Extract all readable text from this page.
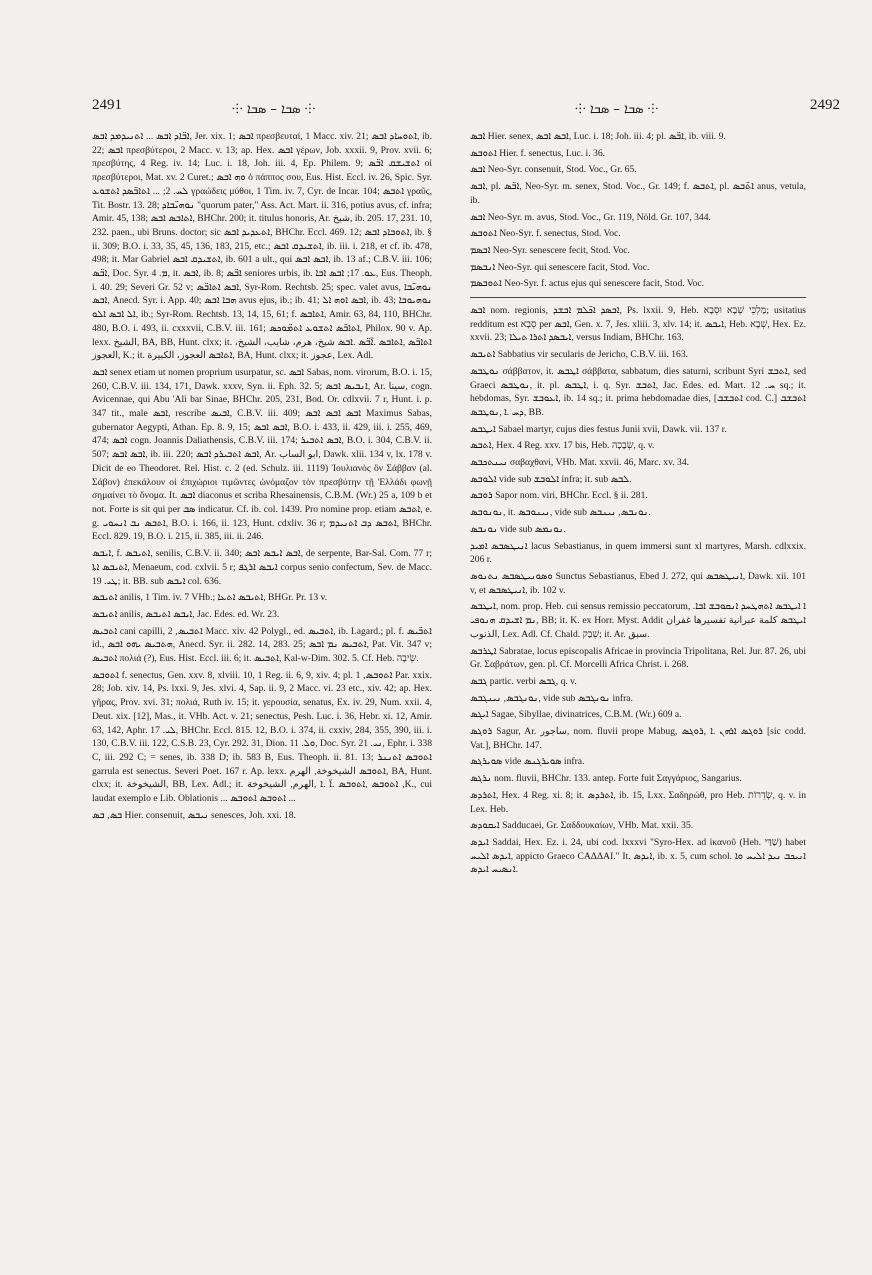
2491	⸭ ܣܒܐ – ܣܒܐ ⸭	⸭ ܣܒܐ – ܣܒܐ ⸭	2492

ܐܒ̈ܐܕ ܐܒܣ ... ܐܬܢܝܕܡܕ ܐܒܣ, Jer. xix. 1; ܐܒܣ πρεσβευταί, 1 Macc. xiv. 21; ܐܬܘܚܐܕ ܐܒܣ, ib. 22; ܐܒܣ πρεσβύτεροι, 2 Macc. v. 13; ap. Hex. ܐܒܣ γέρων, Job. xxxii. 9, Prov. xvii. 6; πρεσβύτης, 4 Reg. iv. 14; Luc. i. 18, Joh. iii. 4, Ep. Philem. 9; ܐܬܫܝܫܩ ܐܒ̈ܣ οἱ πρεσβύτεροι, Mat. xv. 2 Curet.; ܘܗ ܐܒܣ ὁ πάππος σου, Eus. Hist. Eccl. iv. 26, Spic. Syr. ܠܚ. 2; ... ܐܬܐܒ̈ܣܕ ܐܬܫܘܥ γραώδεις μύθοι, 1 Tim. iv. 7, Cyr. de Incar. 104; ܐܬܒܣ γραῦς, Tit. Bostr. 13. 28; ܢܘܗܝ̈ܒܐܕ "quorum pater," Ass. Act. Mart. ii. 316, potius avus, cf. infra; Amir. 45, 138; ܐܬܐܒܣ ܐܒܣ, BHChr. 200; it. titulus honoris, Ar. شيخ, ib. 205. 17, 231. 10, 232. paen., ubi Bruns. doctor; sic ܐܬܥܕܝܕ ܐܒܣ, BHChr. Eccl. 469. 12; ܐܬܘܒܐܕ ܐܒܣ, ib. § ii. 309; B.O. i. 33, 35, 45, 136, 183, 215, etc.; ܐܬܫܝܕܩ ܐܒܣ, ib. iii. i. 218, et cf. ib. 478, 498; it. Mar Gabriel ܐܬܫܝܕܩ ܐܒܣ, ib. 601 a ult., qui ܐܒܣ ܐܒܣ, ib. 13 af.; C.B.V. iii. 106; ܐܒ̈ܣ, Doc. Syr. ܡ. 4, it. ܐܒܣ, ib. 8; ܐܒ̈ܣ seniores urbis, ib. ܥܘ. 17; ܐܒܣ ܐܒܐ, Eus. Theoph. i. 40. 29; Severi Gr. 52 v; ܐܒܣ ܐܬܐܒ̈ܣ, Syr-Rom. Rechtsb. 25; spec. valet avus, ܢܘܗܝ̈ܒܐ ܐܒܣ, Anecd. Syr. i. App. 40; ܗܒܐ ܐܒܣ avus ejus, ib.; ib. 41; ܐܒܣ ܐܘܗ ܐܠ, ib. 43; ܢܘܗܝܘܒܐ ܐܠ ܐܒܣ ܐܠܘ, ib.; Syr-Rom. Rechtsb. 13, 14, 15, 61; f. ܐܬܐܒܣ, Amir. 63, 84, 110, BHChr. 480, B.O. i. 493, ii. cxxxvii, C.B.V. iii. 161; ܐܬܐܒ̈ܣ ܐܬܫܘܥ ܐܬܡ̈ܘܟܣ, Philox. 90 v. Ap. lexx. الشيخ, BA, BB, Hunt. clxx; it. ܐܬܐܒ̈ܣ ,ܐܬܐܒܣ .ܐ̈ܒ̈ܣ .ܐܒܣ شيخ، هرم، شايب، الشيخ، العجوز, K.; it. ܐܬܐܒܣ العجوز، الكبيرة, BA, Hunt. clxx; it. عجوز, Lex. Adl.

ܐܒܣ senex etiam ut nomen proprium usurpatur, sc. ܐܒܣ Sabas, nom. virorum, B.O. i. 15, 260, C.B.V. iii. 134, 171, Dawk. xxxv, Syn. ii. Eph. 32. 5; ܐܢܒܝܣ ܐܒܣ, Ar. سينا, cogn. Avicennae, qui Abu 'Ali bar Sinae, BHChr. 205, 231, Bod. Or. cdlxvii. 7 r, Hunt. i. p. 347 tit., male ܐܒܣ, rescribe ܐܒܝܣ, C.B.V. iii. 409; ܐܒܣ ܐܒܣ ܐܒܣ Maximus Sabas, gubernator Aegypti, Athan. Ep. 8. 9, 15; ܐܒܣ ܐܒܣ, B.O. i. 433, ii. 429, iii. i. 255, 469, 474; ܐܒܣ cogn. Joannis Daliathensis, C.B.V. iii. 174; ܐܒܣ ܐܬܒܝܪ, B.O. i. 304, C.B.V. ii. 507; ܐܒܣ ܐܒܣ, ib. iii. 220; ܐܒܣ ܐܬܒܝܪܕ ܐܒܣ, Ar. ابو الساب, Dawk. xlii. 134 v, lx. 178 v. Dicit de eo Theodoret. Rel. Hist. c. 2 (ed. Schulz. iii. 1119) Ἰουλιανὸς ὃν Σάββαν (al. Σάβον) ἐπεκάλουν οἱ ἐπιχώριοι τιμῶντες ὠνόμαζον τὸν πρεσβύτην τῇ Ἑλλάδι φωνῇ σημαίνει τὸ ὄνομα. It. ܐܒܣ diaconus et scriba Rhesainensis, C.B.M. (Wr.) 25 a, 109 b et not. Forte is sit qui per ܣܒ indicatur. Cf. ib. col. 1439. Pro nomine prop. etiam ܐܬܒܣ, e. g. ܐܬܒܣ ܢܒ ܐܢܚܘܝ, B.O. i. 166, ii. 123, Hunt. cdxliv. 36 r; ܐܬܒܣ ܕܒ ܐܬܢܝܕܡ, BHChr. Eccl. 829. 19, B.O. i. 215, ii. 385, iii. ii. 246.

ܐܝܒܣ, f. ܐܬܝܒܣ, senilis, C.B.V. ii. 340; ܐܒܣ ܐܝܒܣ ܐܒܣ, de serpente, Bar-Sal. Com. 77 r; ܐܬܝܒܣ ܐܬܐ, Menaeum, cod. cxlvii. 5 r; ܐܝܒܣ ܐܪܓܦ corpus senio confectum, Sev. de Macc. ܛܝ. 19; it. BB. sub ܐܝܒܣ col. 636.

ܐܬܝܒܣ anilis, 1 Tim. iv. 7 VHb.; ܐܬܝܒܣ ܐܬܥܐ, BHGr. Pr. 13 v.

ܐܬܝܒܣ anilis, ܐܝܒܣ ܐܬܝܒܣ, Jac. Edes. ed. Wr. 23.

ܐܬܒܝܣ cani capilli, ܐܬܒܝܣ, 2 Macc. xiv. 42 Polygl., ed. ܐܬܒܝܣ, ib. Lagard.; pl. f. ܐܬܒ̈ܝܣ id., ܗܬܒܝܣ ܝܗܘ ܐܒܣ, Anecd. Syr. ii. 282. 14, 283. 25; ܐܬܒܝܣ ܢܡ ܐܒܣ, Pat. Vit. 347 v; ܐܬܒܝܣ πολιά (?), Eus. Hist. Eccl. iii. 6; it. ܐܬܒܝܣ, Kal-w-Dim. 302. 5. Cf. Heb. שֵׂיבָה.

ܐܬܘܒܣ f. senectus, Gen. xxv. 8, xlviii. 10, 1 Reg. ii. 6, 9, xiv. 4; pl. ܐܬܘܒܣ, 1 Par. xxix. 28; Job. xiv. 14, Ps. lxxi. 9, Jes. xlvi. 4, Sap. ii. 9, 2 Macc. vi. 23 etc., xiv. 42; ap. Hex. γῆρας, Prov. xvi. 31; πολιά, Ruth iv. 15; it. γερουσία, senatus, Ex. iv. 29, Num. xxii. 4, Deut. xix. [12], Mas., it. VHb. Act. v. 21; senectus, Pesh. Luc. i. 36, Hebr. xi. 12, Amir. 63, 142, Aphr. ܠܝ. 17, BHChr. Eccl. 815. 12, B.O. i. 374, ii. cxxiv, 284, 355, 390, iii. i. 130, C.B.V. iii. 122, C.S.B. 23, Cyr. 292. 31, Dion. ܘܠ. 11, Doc. Syr. ܢܝ. 21, Ephr. i. 338 C, iii. 292 C; = senes, ib. 338 D; ib. 583 B, Eus. Theoph. ii. 81. 13; ܐܬܘܒܣ ܐܬܢܢܪ garrula est senectus. Severi Poet. 167 r. Ap. lexx. ܐܬܘܒܣ الشيخوخة, الهرم, BA, Hunt. clxx; it. الشيخوخة, BB, Lex. Adl.; it. ܐܬܘܒܣ ,ܐܬܘܒܣ .ܐ̈ .ܐ ,الهرم, الشيخوخة ,K., cui laudat exemplo e Lib. Oblationis ... ܐܬܘܒܣ ܐܬܘܒܣ ...

ܒܣ, ܒܣ Hier. consenuit, ܢܝܒܣ senesces, Joh. xxi. 18.

ܐܒܣ Hier. senex, ܐܒܣ ܐܒܣ, Luc. i. 18; Joh. iii. 4; pl. ܐܒ̈ܣ, ib. viii. 9.

ܐܬܘܒܣ Hier. f. senectus, Luc. i. 36.

ܐܒܣ Neo-Syr. consenuit, Stod. Voc., Gr. 65.

ܐܒܣ, pl. ܐܒ̈ܣ, Neo-Syr. m. senex, Stod. Voc., Gr. 149; f. ܐܬܒܣ, pl. ܐܬ̈ܒܣ anus, vetula, ib.

ܐܒܣ Neo-Syr. m. avus, Stod. Voc., Gr. 119, Nöld. Gr. 107, 344.

ܐܬܘܒܣ Neo-Syr. f. senectus, Stod. Voc.

ܐܒܣܡ Neo-Syr. senescere fecit, Stod. Voc.

ܐܢܒܣܡ Neo-Syr. qui senescere facit, Stod. Voc.

ܐܬܘܒܣܡ Neo-Syr. f. actus ejus qui senescere facit, Stod. Voc.

ܐܒܣ nom. regionis, ܐܒܣܕ ܐܟ̈ܠܡ ܐܒܫܕ, Ps. lxxii. 9, Heb. מַלְכֵי שְׁבָא וּסְבָא; usitatius redditum est סְבָא per ܐܒܣ, Gen. x. 7, Jes. xliii. 3, xlv. 14; it. ܐܝܒܣ, Heb. שְׁבָא, Hex. Ez. xxvii. 23; ܐܝܒܣܕ ܐܬܪܐ ܬܝܠܐ, versus Indiam, BHChr. 163.

ܐܬܝܒܣ Sabbatius vir secularis de Jericho, C.B.V. iii. 163.

ܢܘܛܒܣ σάββατον, it. ܐܛܒܣ σάββατα, sabbatum, dies saturni, scribunt Syri ܐܬܒܫ, sed Graeci ܢܘܛܒܣ, it. pl. ܐܛܒܣ, i. q. Syr. ܐܬܒܫ, Jac. Edes. ed. Mart. ܚ. 12 sq.; it. hebdomas, Syr. ܐܥܘܒܫ, ib. 14 sq.; it. prima hebdomadae dies, [ܐܬܒܫܒ cod. C.] ܐܬܒܫܒ ܕܚ .ܐ ,ܢܘܛܒܣ, BB.

ܐܝܛܒܣ Sabael martyr, cujus dies festus Junii xvii, Dawk. vii. 137 r.

ܐܬܒܣ, Hex. 4 Reg. xxv. 17 bis, Heb. שְׂבָכָה, q. v.

ܢܝܢܬܟܒܣ σαβαχθανί, VHb. Mat. xxvii. 46, Marc. xv. 34.

ܐܠܘܒܣ vide sub ܐܠܘܒܫ infra; it. sub ܠܒܣ.

ܪܘܒܣ Sapor nom. viri, BHChr. Eccl. § ii. 281.

ܢܘܢܘܒܣ, it. ܢܝܢܘܒܣ, vide sub ܢܘܢܒܣ, ܢܝܢܒܣ.

ܢܘܢܒܣ vide sub ܢܘܢܡܣ.

ܐܢܝܛܣܒܣ ܐܡܝܕ lacus Sebastianus, in quem immersi sunt xl martyres, Marsh. cdlxxix. 206 r.

ܘܣܘܢܝܛܣܒܣ ܢܬܢܘܣ Sunctus Sebastianus, Ebed J. 272, qui ܐܢܝܛܣܒܣ, Dawk. xii. 101 v, et ܐܢܝܛܣܒܣ, ib. 102 v.

ܐܝܛܒܣ, nom. prop. Heb. cui sensus remissio peccatorum, .ܐ ܐܝܛܒܣ ܐܬܗܛܚܕ ܐܢܩܘܒܫ ܐܒܐ ܢܡ ܐܫܝܕܩ ܗܢܘܦܝ, BB; it. K. ex Horr. Myst. Addit ܐܝܛܒܣ كلمة عبرانية تفسيرها غفران الذنوب, Lex. Adl. Cf. Chald. שְׁבַק; it. Ar. سبق.

ܐܛܪܒܣ Sabratae, locus episcopalis Africae in provincia Tripolitana, Rel. Jur. 87. 26, ubi Gr. Σαβράτων, gen. pl. Cf. Morcelli Africa Christ. i. 268.

ܓܒܣ partic. verbi ܓܒܣ, q. v.

ܢܘܢܓܒܣ, ܢܝܢܓܒܣ, vide sub ܢܘܢܓܒܣ infra.

ܐܝܓܣ Sagae, Sibyllae, divinatrices, C.B.M. (Wr.) 609 a.

ܪܘܓܣ Sagur, Ar. ساجور, nom. fluvii prope Mabug, ܪܘܓܣ ܐܪܗܢ .ܐ ,ܪܘܓܣ [sic codd. Vat.], BHChr. 147.

ܣܘܝܪܓܣ vide ܣܘܝܪܓܢܣ infra.

ܢܪܓܣ nom. fluvii, BHChr. 133. antep. Forte fuit Σαγγάριος, Sangarius.

ܐܬܪܕܣ, Hex. 4 Reg. xi. 8; it. ܐܬܪܕܣ, ib. 15, Lxx. Σαδηρώθ, pro Heb. שְׂדֵרוֹת, q. v. in Lex. Heb.

ܐܝܩܘܕܣ Sadducaei, Gr. Σαδδουκαίων, VHb. Mat. xxii. 35.

ܐܝܕܣ Saddai, Hex. Ez. i. 24, ubi cod. lxxxvi "Syro-Hex. ad ἱκανοῦ (Heb. שַׁדַּי) habet ܐܝܕܣ ܐܠܝܚ, appicto Graeco CAΔΔAI." It. ܐܝܕܣ, ib. x. 5, cum schol. ܐܢܝܟܒ ܢܝܕ ܐܠܝܚ ܘܐ ܐܢܣܝܚ ܐܝܕܣ.
